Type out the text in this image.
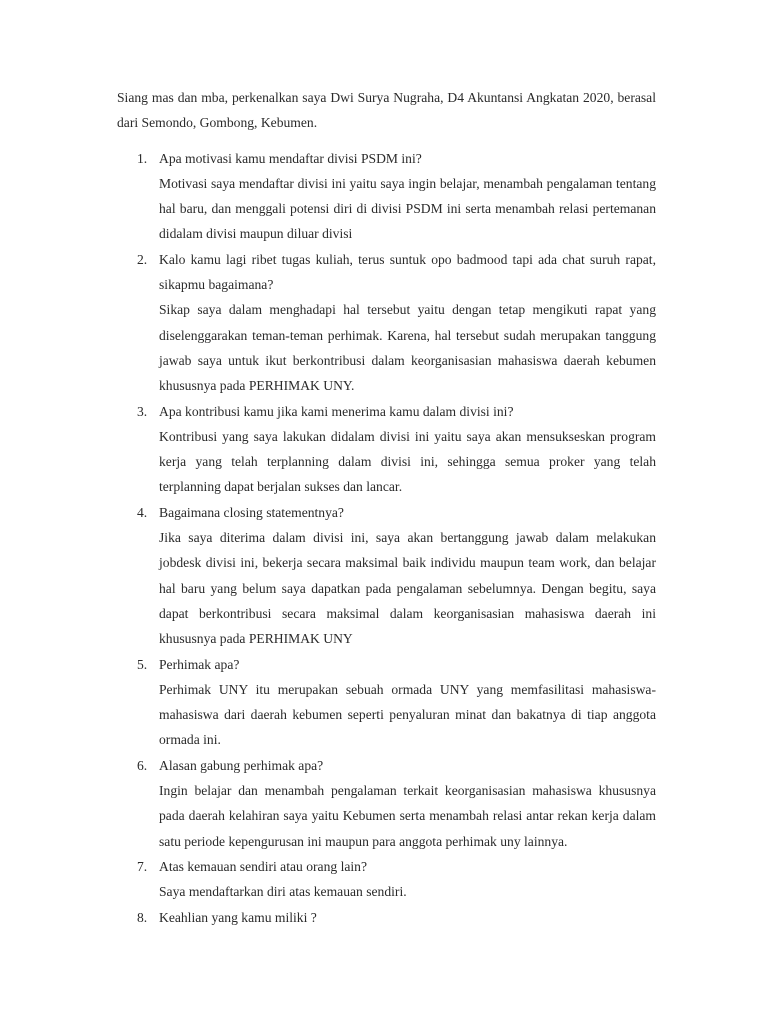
Siang mas dan mba, perkenalkan saya Dwi Surya Nugraha, D4 Akuntansi Angkatan 2020, berasal dari Semondo, Gombong, Kebumen.

1. Apa motivasi kamu mendaftar divisi PSDM ini?
Motivasi saya mendaftar divisi ini yaitu saya ingin belajar, menambah pengalaman tentang hal baru, dan menggali potensi diri di divisi PSDM ini serta menambah relasi pertemanan didalam divisi maupun diluar divisi
2. Kalo kamu lagi ribet tugas kuliah, terus suntuk opo badmood tapi ada chat suruh rapat, sikapmu bagaimana?
Sikap saya dalam menghadapi hal tersebut yaitu dengan tetap mengikuti rapat yang diselenggarakan teman-teman perhimak. Karena, hal tersebut sudah merupakan tanggung jawab saya untuk ikut berkontribusi dalam keorganisasian mahasiswa daerah kebumen khususnya pada PERHIMAK UNY.
3. Apa kontribusi kamu jika kami menerima kamu dalam divisi ini?
Kontribusi yang saya lakukan didalam divisi ini yaitu saya akan mensukseskan program kerja yang telah terplanning dalam divisi ini, sehingga semua proker yang telah terplanning dapat berjalan sukses dan lancar.
4. Bagaimana closing statementnya?
Jika saya diterima dalam divisi ini, saya akan bertanggung jawab dalam melakukan jobdesk divisi ini, bekerja secara maksimal baik individu maupun team work, dan belajar hal baru yang belum saya dapatkan pada pengalaman sebelumnya. Dengan begitu, saya dapat berkontribusi secara maksimal dalam keorganisasian mahasiswa daerah ini khususnya pada PERHIMAK UNY
5. Perhimak apa?
Perhimak UNY itu merupakan sebuah ormada UNY yang memfasilitasi mahasiswa-mahasiswa dari daerah kebumen seperti penyaluran minat dan bakatnya di tiap anggota ormada ini.
6. Alasan gabung perhimak apa?
Ingin belajar dan menambah pengalaman terkait keorganisasian mahasiswa khususnya pada daerah kelahiran saya yaitu Kebumen serta menambah relasi antar rekan kerja dalam satu periode kepengurusan ini maupun para anggota perhimak uny lainnya.
7. Atas kemauan sendiri atau orang lain?
Saya mendaftarkan diri atas kemauan sendiri.
8. Keahlian yang kamu miliki ?
